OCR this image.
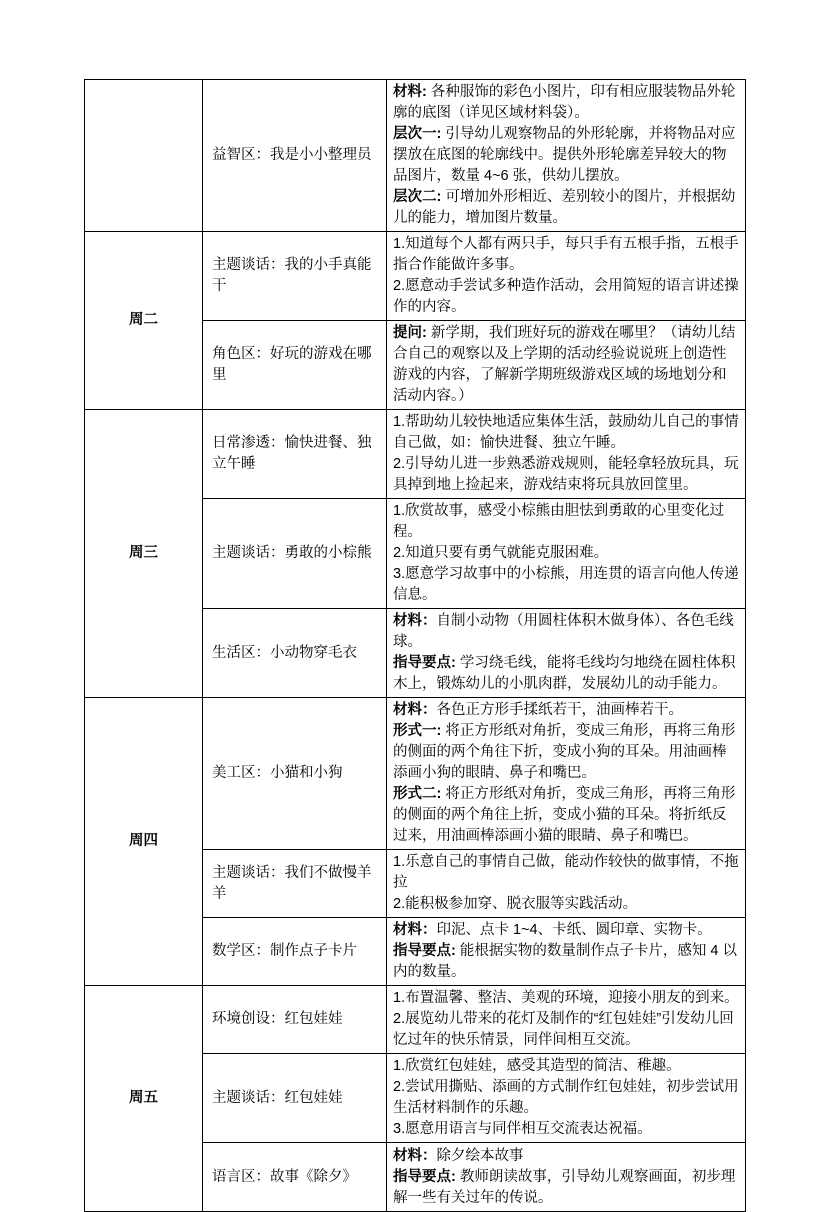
	益智区：我是小小整理员	材料: 各种服饰的彩色小图片，印有相应服装物品外轮廓的底图（详见区域材料袋）。
层次一: 引导幼儿观察物品的外形轮廓，并将物品对应摆放在底图的轮廓线中。提供外形轮廓差异较大的物品图片，数量 4~6 张，供幼儿摆放。
层次二: 可增加外形相近、差别较小的图片，并根据幼儿的能力，增加图片数量。

周二	主题谈话：我的小手真能干	1.知道每个人都有两只手，每只手有五根手指，五根手指合作能做许多事。
2.愿意动手尝试多种造作活动，会用简短的语言讲述操作的内容。

	角色区：好玩的游戏在哪里	提问: 新学期，我们班好玩的游戏在哪里？（请幼儿结合自己的观察以及上学期的活动经验说说班上创造性游戏的内容，了解新学期班级游戏区域的场地划分和活动内容。）

周三	日常渗透：愉快进餐、独立午睡	1.帮助幼儿较快地适应集体生活，鼓励幼儿自己的事情自己做，如：愉快进餐、独立午睡。
2.引导幼儿进一步熟悉游戏规则，能轻拿轻放玩具，玩具掉到地上捡起来，游戏结束将玩具放回筐里。

	主题谈话：勇敢的小棕熊	1.欣赏故事，感受小棕熊由胆怯到勇敢的心里变化过程。
2.知道只要有勇气就能克服困难。
3.愿意学习故事中的小棕熊，用连贯的语言向他人传递信息。

	生活区：小动物穿毛衣	材料：自制小动物（用圆柱体积木做身体）、各色毛线球。
指导要点: 学习绕毛线，能将毛线均匀地绕在圆柱体积木上，锻炼幼儿的小肌肉群，发展幼儿的动手能力。

周四	美工区：小猫和小狗	材料：各色正方形手揉纸若干，油画棒若干。
形式一: 将正方形纸对角折，变成三角形，再将三角形的侧面的两个角往下折，变成小狗的耳朵。用油画棒添画小狗的眼睛、鼻子和嘴巴。
形式二: 将正方形纸对角折，变成三角形，再将三角形的侧面的两个角往上折，变成小猫的耳朵。将折纸反过来，用油画棒添画小猫的眼睛、鼻子和嘴巴。

	主题谈话：我们不做慢羊羊	1.乐意自己的事情自己做，能动作较快的做事情，不拖拉
2.能积极参加穿、脱衣服等实践活动。

	数学区：制作点子卡片	材料：印泥、点卡 1~4、卡纸、圆印章、实物卡。
指导要点: 能根据实物的数量制作点子卡片，感知 4 以内的数量。

周五	环境创设：红包娃娃	1.布置温馨、整洁、美观的环境，迎接小朋友的到来。
2.展览幼儿带来的花灯及制作的“红包娃娃”引发幼儿回忆过年的快乐情景，同伴间相互交流。

	主题谈话：红包娃娃	1.欣赏红包娃娃，感受其造型的简洁、稚趣。
2.尝试用撕贴、添画的方式制作红包娃娃，初步尝试用生活材料制作的乐趣。
3.愿意用语言与同伴相互交流表达祝福。

	语言区：故事《除夕》	材料：除夕绘本故事
指导要点: 教师朗读故事，引导幼儿观察画面，初步理解一些有关过年的传说。
